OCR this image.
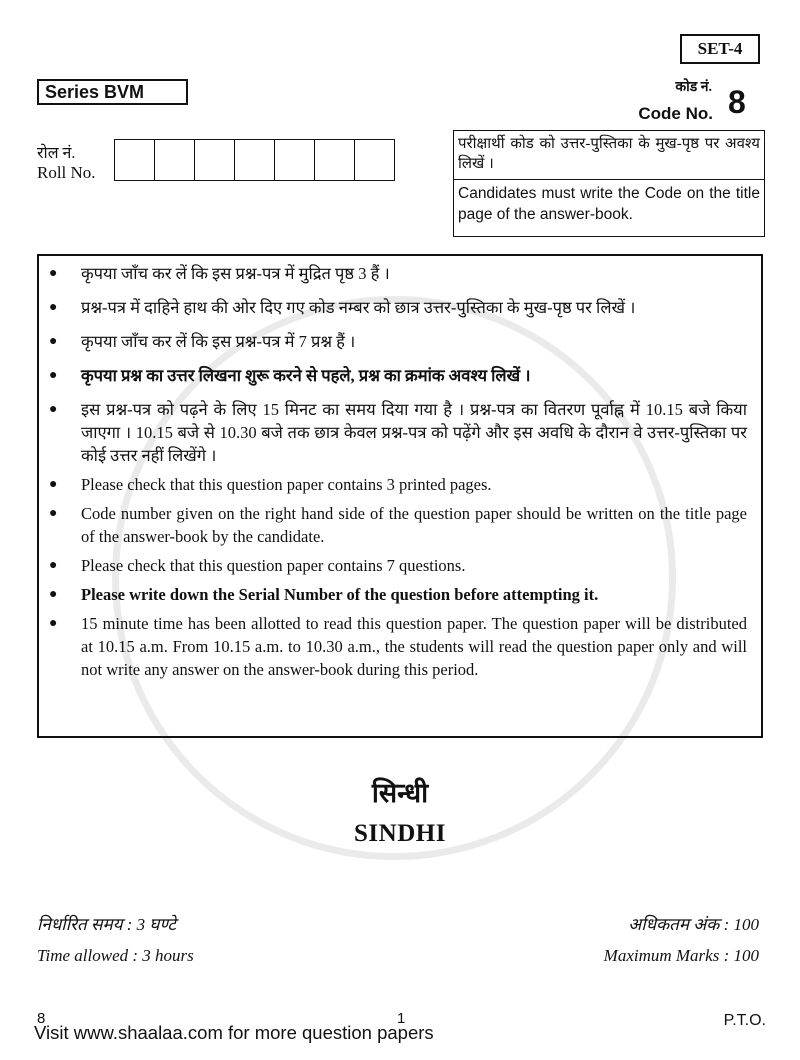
SET-4
Series BVM	कोड नं.
Code No. 8
रोल नं.
Roll No.
परीक्षार्थी कोड को उत्तर-पुस्तिका के मुख-पृष्ठ पर अवश्य लिखें ।
Candidates must write the Code on the title page of the answer-book.
●	कृपया जाँच कर लें कि इस प्रश्न-पत्र में मुद्रित पृष्ठ 3 हैं ।
●	प्रश्न-पत्र में दाहिने हाथ की ओर दिए गए कोड नम्बर को छात्र उत्तर-पुस्तिका के मुख-पृष्ठ पर लिखें ।
●	कृपया जाँच कर लें कि इस प्रश्न-पत्र में 7 प्रश्न हैं ।
●	कृपया प्रश्न का उत्तर लिखना शुरू करने से पहले, प्रश्न का क्रमांक अवश्य लिखें ।
●	इस प्रश्न-पत्र को पढ़ने के लिए 15 मिनट का समय दिया गया है । प्रश्न-पत्र का वितरण पूर्वाह्न में 10.15 बजे किया जाएगा । 10.15 बजे से 10.30 बजे तक छात्र केवल प्रश्न-पत्र को पढ़ेंगे और इस अवधि के दौरान वे उत्तर-पुस्तिका पर कोई उत्तर नहीं लिखेंगे ।
●	Please check that this question paper contains 3 printed pages.
●	Code number given on the right hand side of the question paper should be written on the title page of the answer-book by the candidate.
●	Please check that this question paper contains 7 questions.
●	Please write down the Serial Number of the question before attempting it.
●	15 minute time has been allotted to read this question paper. The question paper will be distributed at 10.15 a.m. From 10.15 a.m. to 10.30 a.m., the students will read the question paper only and will not write any answer on the answer-book during this period.
सिन्धी
SINDHI
निर्धारित समय : 3 घण्टे	अधिकतम अंक : 100
Time allowed : 3 hours	Maximum Marks : 100
8	1	P.T.O.
Visit www.shaalaa.com for more question papers
